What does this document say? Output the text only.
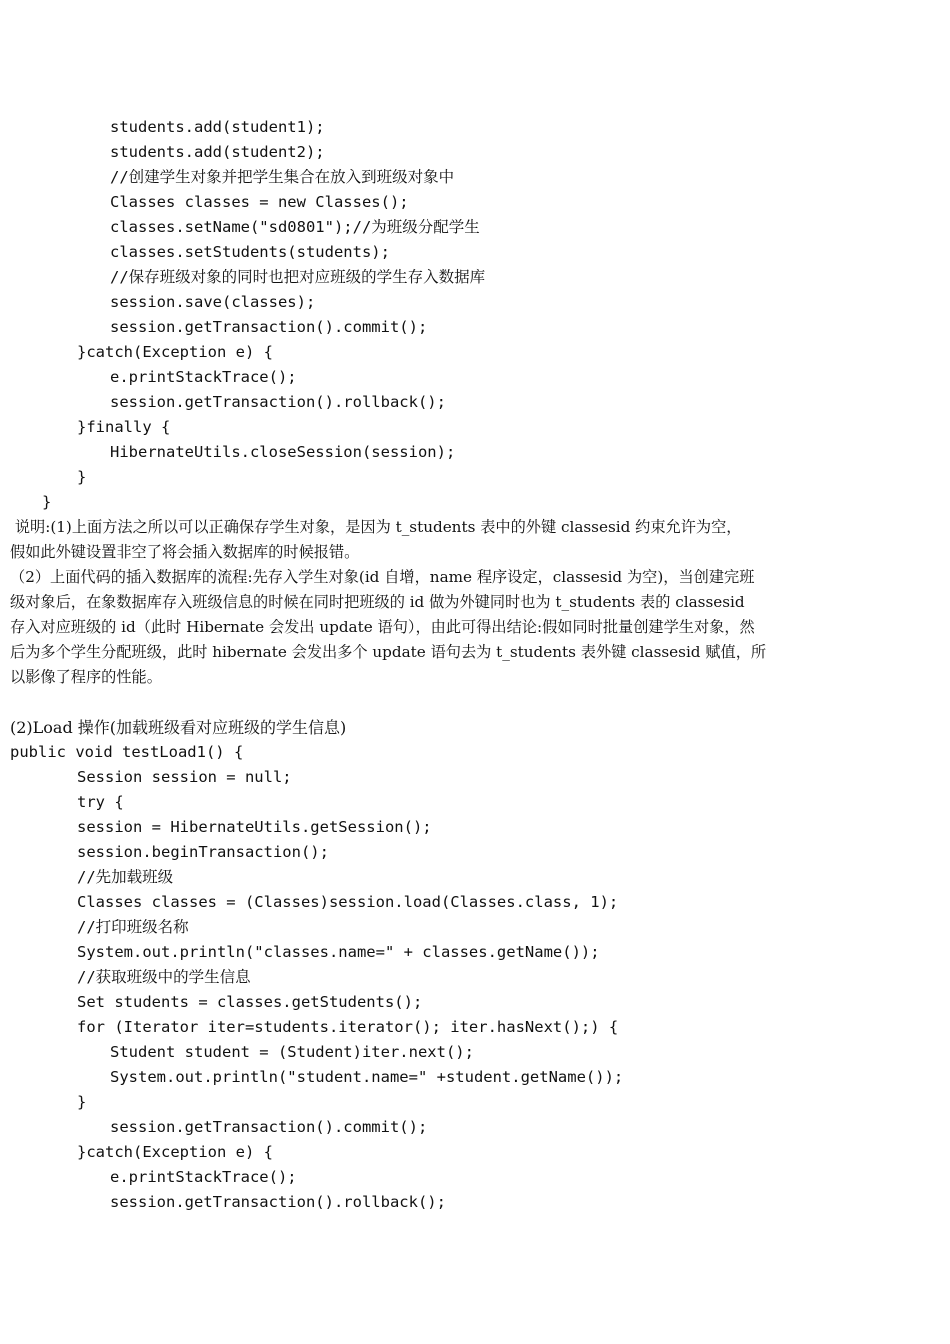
students.add(student1);
students.add(student2);
//创建学生对象并把学生集合在放入到班级对象中
Classes classes = new Classes();
classes.setName("sd0801");//为班级分配学生
classes.setStudents(students);
//保存班级对象的同时也把对应班级的学生存入数据库
session.save(classes);
session.getTransaction().commit();
}catch(Exception e) {
e.printStackTrace();
session.getTransaction().rollback();
}finally {
HibernateUtils.closeSession(session);
}
}
说明:(1)上面方法之所以可以正确保存学生对象，是因为 t_students 表中的外键 classesid 约束允许为空，
假如此外键设置非空了将会插入数据库的时候报错。
（2）上面代码的插入数据库的流程:先存入学生对象(id 自增，name 程序设定，classesid 为空)，当创建完班
级对象后，在象数据库存入班级信息的时候在同时把班级的 id 做为外键同时也为 t_students 表的 classesid
存入对应班级的 id（此时 Hibernate 会发出 update 语句），由此可得出结论:假如同时批量创建学生对象，然
后为多个学生分配班级，此时 hibernate 会发出多个 update 语句去为 t_students 表外键 classesid 赋值，所
以影像了程序的性能。
(2)Load 操作(加载班级看对应班级的学生信息)
public void testLoad1() {
Session session = null;
try {
session = HibernateUtils.getSession();
session.beginTransaction();
//先加载班级
Classes classes = (Classes)session.load(Classes.class, 1);
//打印班级名称
System.out.println("classes.name=" + classes.getName());
//获取班级中的学生信息
Set students = classes.getStudents();
for (Iterator iter=students.iterator(); iter.hasNext();) {
Student student = (Student)iter.next();
System.out.println("student.name=" +student.getName());
}
session.getTransaction().commit();
}catch(Exception e) {
e.printStackTrace();
session.getTransaction().rollback();
